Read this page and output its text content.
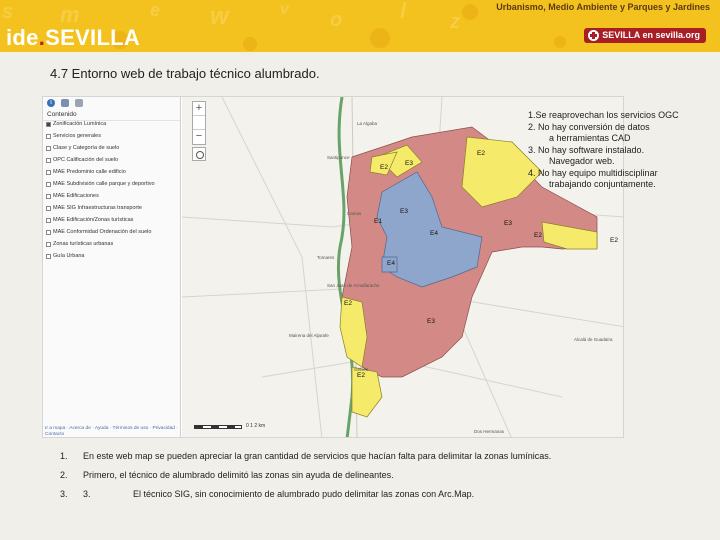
s m	e w	v o	l z
ide.SEVILLA
Urbanismo, Medio Ambiente y Parques y Jardines
SEVILLA en sevilla.org
4.7 Entorno web de trabajo técnico alumbrado.
i
Contenido
Zonificación Lumínica
Servicios generales
Clase y Categoría de suelo
OPC Calificación del suelo
MAE Predominio calle edificio
MAE Subdivisión calle parque y deportivo
MAE Edificaciones
MAE SIG Infraestructuras transporte
MAE Edificación/Zonas turísticas
MAE Conformidad Ordenación del suelo
Zonas turísticas urbanas
Guía Urbana
Ir a mapa · Acerca de · Ayuda · Términos de uso · Privacidad · Contacto
E3
E2
E2
E3
E4
E4
E3
E2
E2
E2
E3
E2
E1
La Algaba
Santiponce
Camas
Tomares
San Juan de Aznalfarache
Mairena del Aljarafe
Gelves
Alcalá de Guadaíra
Dos Hermanas
+
−
0 1 2 km
1.Se reaprovechan los servicios OGC
2. No hay conversión de datos
a herramientas CAD
3. No hay software instalado.
Navegador web.
4. No hay equipo multidisciplinar
trabajando conjuntamente.
1.	En este web map se pueden apreciar la gran cantidad de servicios que hacían falta para delimitar la zonas lumínicas.
2.	Primero, el técnico de alumbrado delimitó las zonas sin ayuda de delineantes.
3.	3.	El técnico SIG, sin conocimiento de alumbrado pudo delimitar las zonas con Arc.Map.
